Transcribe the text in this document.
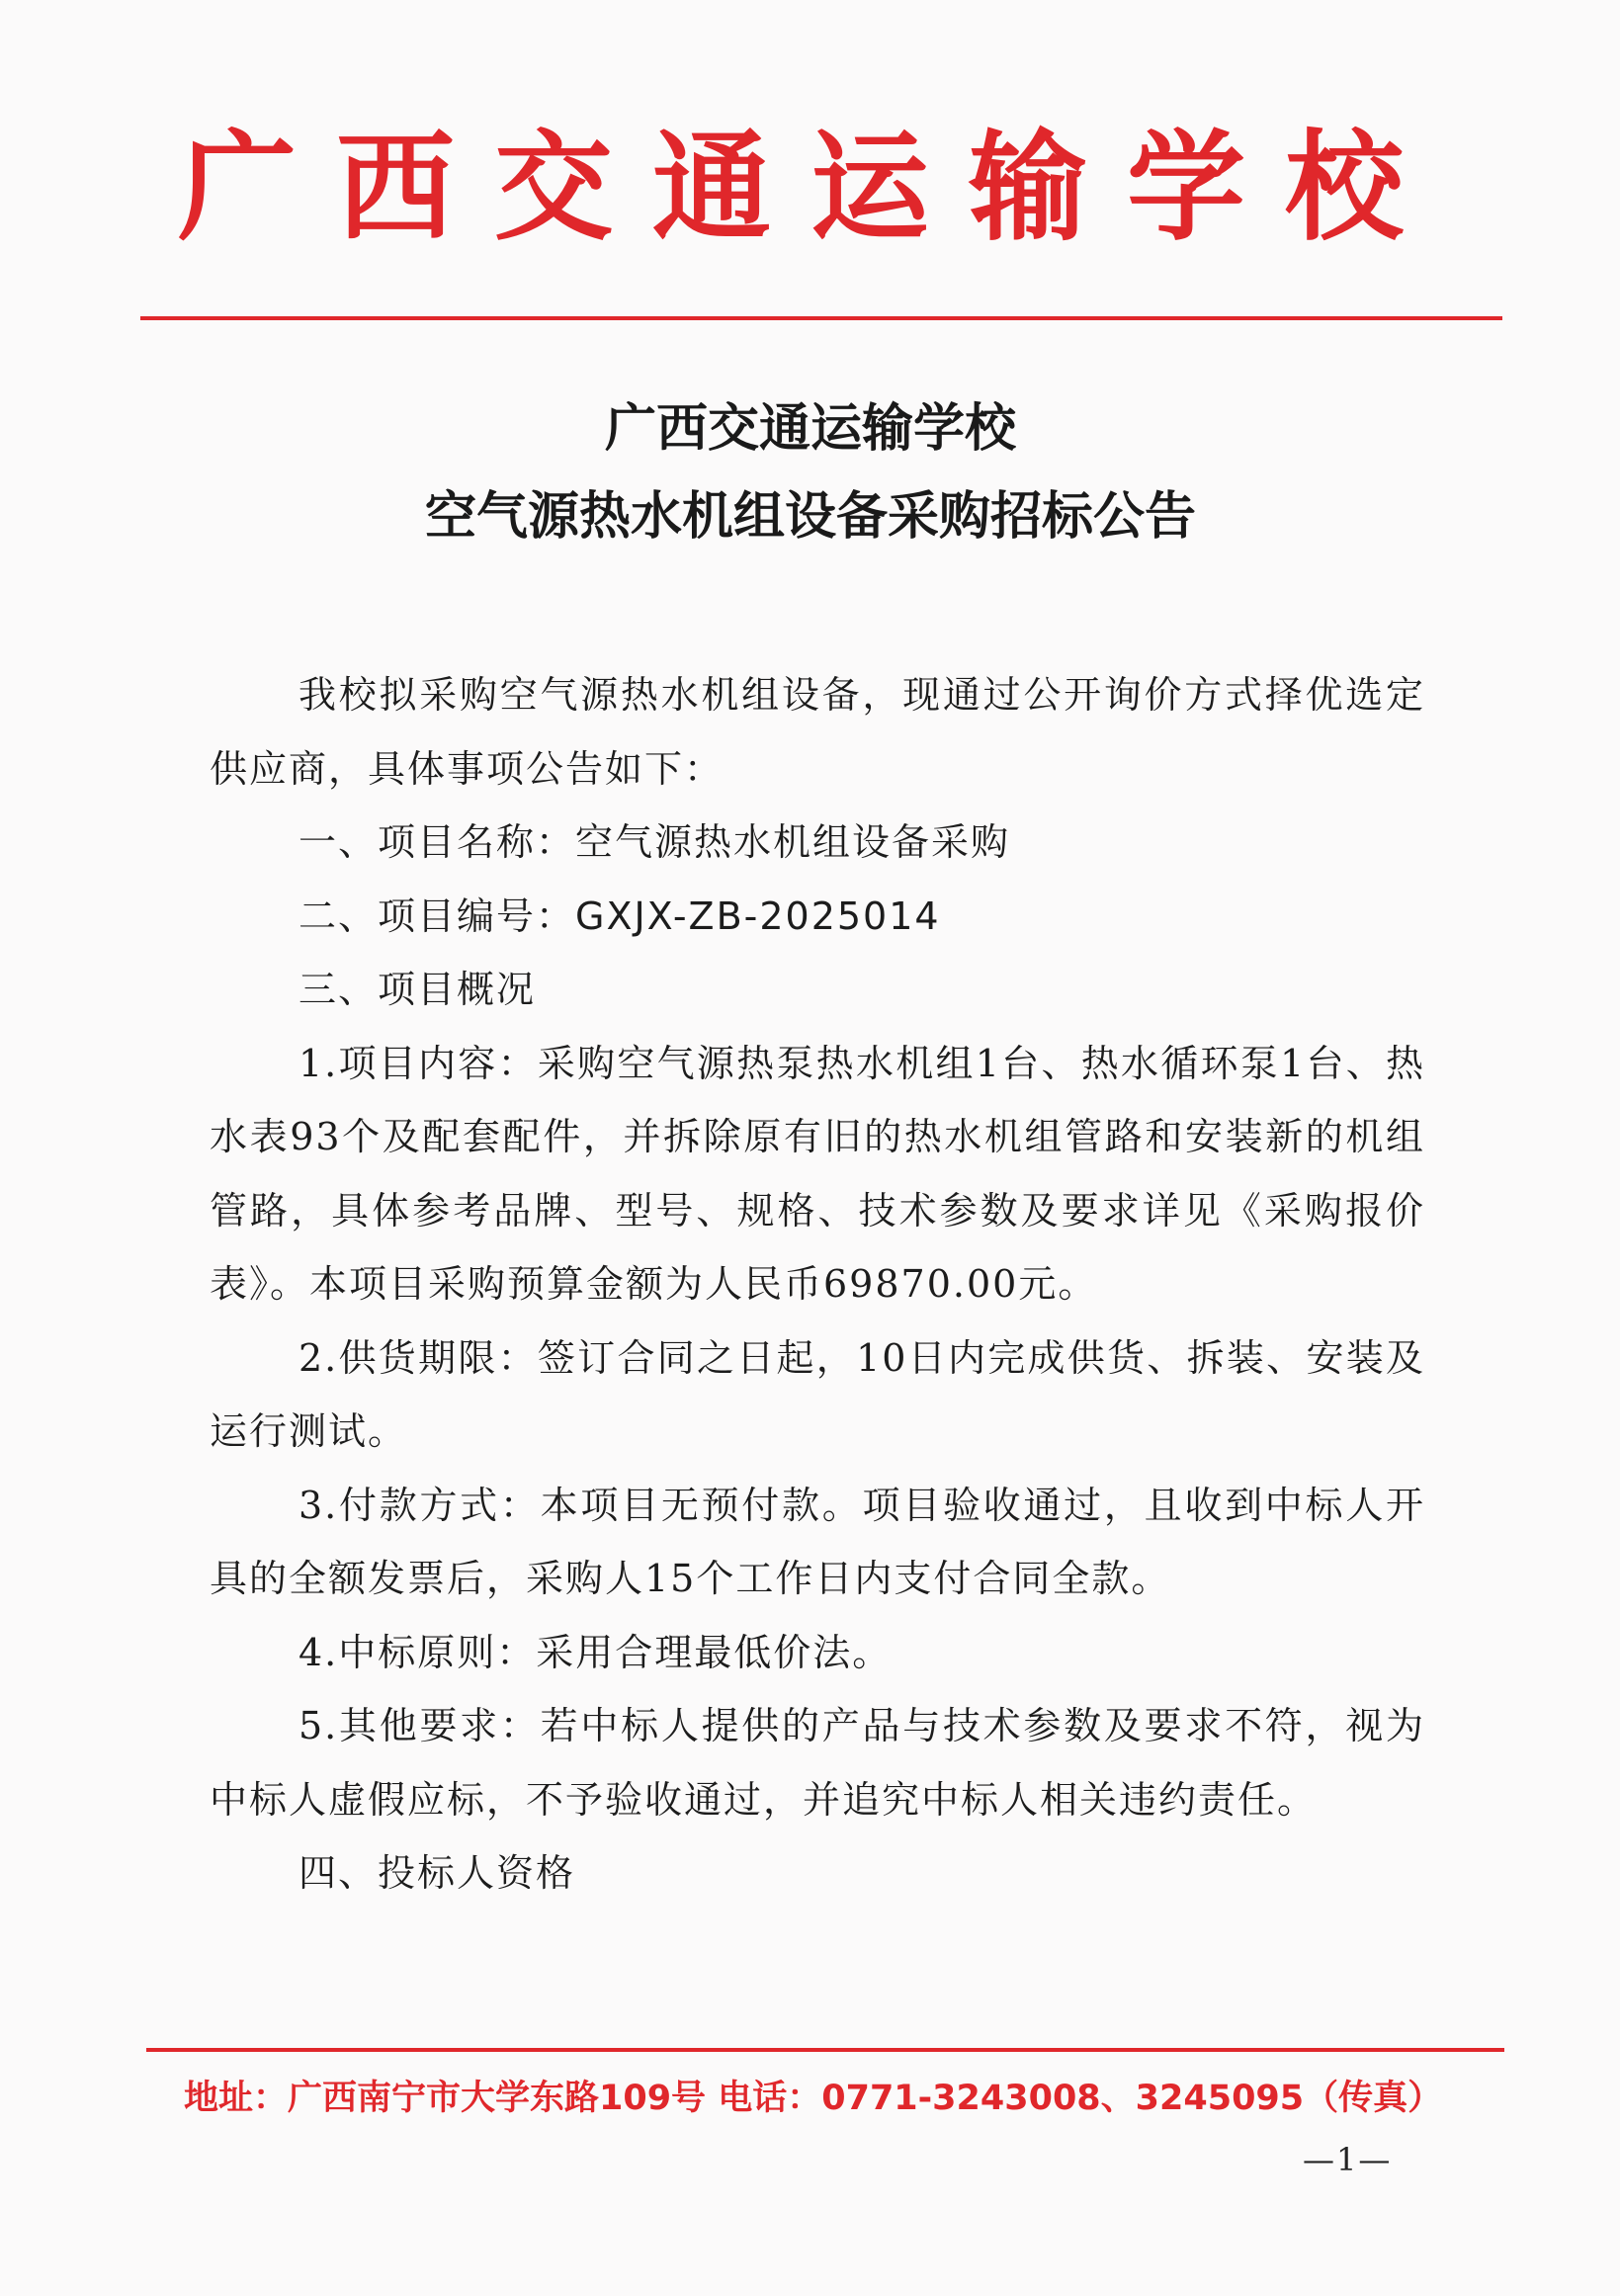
广西交通运输学校
广西交通运输学校
空气源热水机组设备采购招标公告

我校拟采购空气源热水机组设备，现通过公开询价方式择优选定供应商，具体事项公告如下：

一、项目名称：空气源热水机组设备采购

二、项目编号：GXJX-ZB-2025014

三、项目概况

1.项目内容：采购空气源热泵热水机组1台、热水循环泵1台、热水表93个及配套配件，并拆除原有旧的热水机组管路和安装新的机组管路，具体参考品牌、型号、规格、技术参数及要求详见《采购报价表》。本项目采购预算金额为人民币69870.00元。

2.供货期限：签订合同之日起，10日内完成供货、拆装、安装及运行测试。

3.付款方式：本项目无预付款。项目验收通过，且收到中标人开具的全额发票后，采购人15个工作日内支付合同全款。

4.中标原则：采用合理最低价法。

5.其他要求：若中标人提供的产品与技术参数及要求不符，视为中标人虚假应标，不予验收通过，并追究中标人相关违约责任。

四、投标人资格

地址：广西南宁市大学东路109号 电话：0771-3243008、3245095（传真）
—1—
